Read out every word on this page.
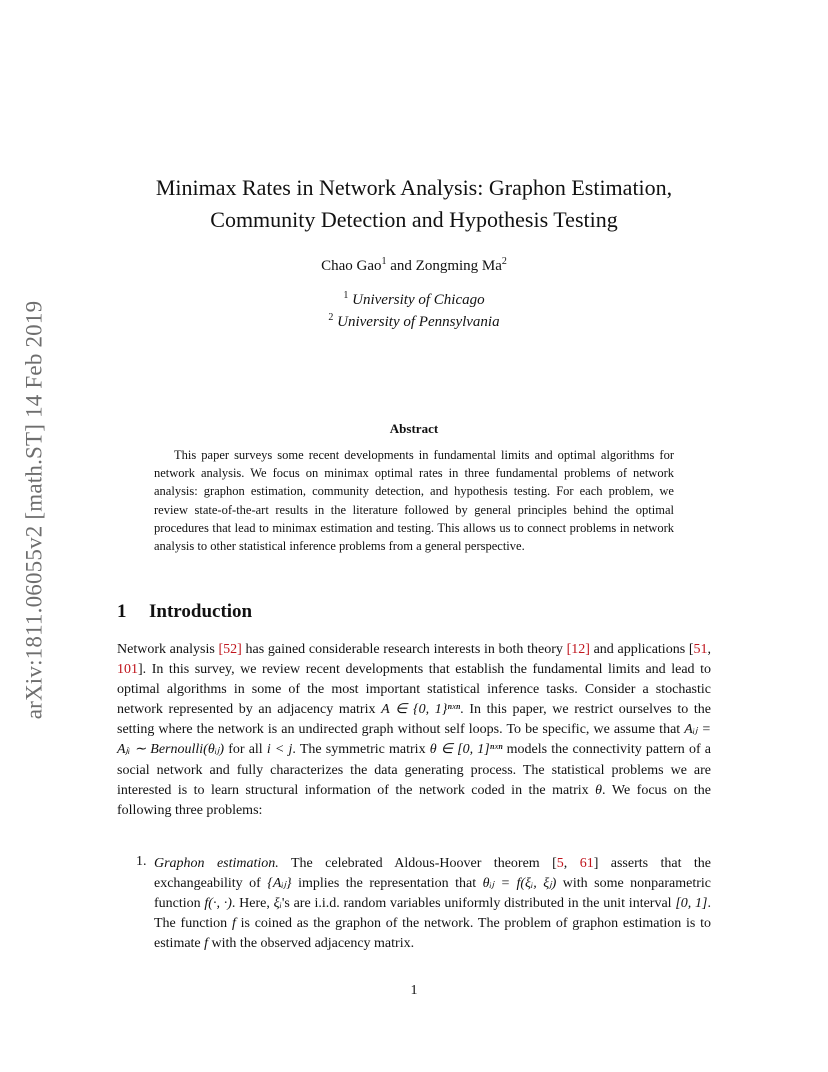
arXiv:1811.06055v2 [math.ST] 14 Feb 2019
Minimax Rates in Network Analysis: Graphon Estimation,
Community Detection and Hypothesis Testing
Chao Gao$^1$ and Zongming Ma$^2$
$^1$ University of Chicago
$^2$ University of Pennsylvania
Abstract
This paper surveys some recent developments in fundamental limits and optimal algorithms for network analysis. We focus on minimax optimal rates in three fundamental problems of network analysis: graphon estimation, community detection, and hypothesis testing. For each problem, we review state-of-the-art results in the literature followed by general principles behind the optimal procedures that lead to minimax estimation and testing. This allows us to connect problems in network analysis to other statistical inference problems from a general perspective.
1 Introduction
Network analysis [52] has gained considerable research interests in both theory [12] and applications [51, 101]. In this survey, we review recent developments that establish the fundamental limits and lead to optimal algorithms in some of the most important statistical inference tasks. Consider a stochastic network represented by an adjacency matrix A ∈ {0, 1}ⁿˣⁿ. In this paper, we restrict ourselves to the setting where the network is an undirected graph without self loops. To be specific, we assume that Aᵢⱼ = Aⱼᵢ ∼ Bernoulli(θᵢⱼ) for all i < j. The symmetric matrix θ ∈ [0, 1]ⁿˣⁿ models the connectivity pattern of a social network and fully characterizes the data generating process. The statistical problems we are interested is to learn structural information of the network coded in the matrix θ. We focus on the following three problems:
1. Graphon estimation. The celebrated Aldous-Hoover theorem [5, 61] asserts that the exchangeability of {Aᵢⱼ} implies the representation that θᵢⱼ = f(ξᵢ, ξⱼ) with some nonparametric function f(·, ·). Here, ξᵢ's are i.i.d. random variables uniformly distributed in the unit interval [0, 1]. The function f is coined as the graphon of the network. The problem of graphon estimation is to estimate f with the observed adjacency matrix.
1
